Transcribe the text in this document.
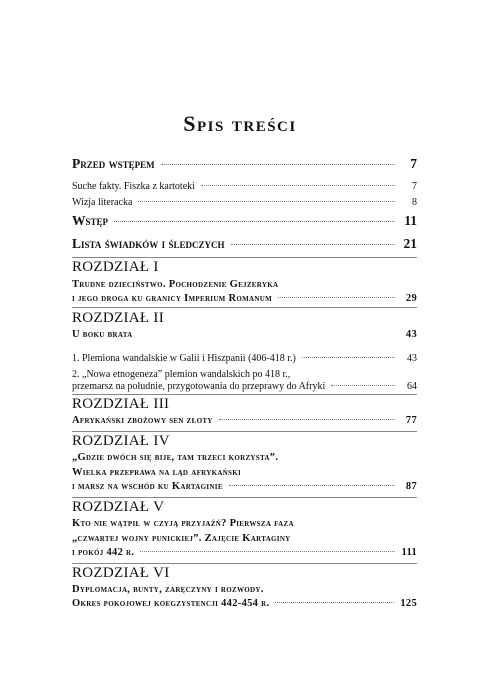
Spis treści
Przed wstępem	7
Suche fakty. Fiszka z kartoteki	7
Wizja literacka	8
Wstęp	11
Lista świadków i śledczych	21
ROZDZIAŁ I
Trudne dzieciństwo. Pochodzenie Gejzeryka
i jego droga ku granicy Imperium Romanum	29
ROZDZIAŁ II
U boku brata	43
1. Plemiona wandalskie w Galii i Hiszpanii (406-418 r.)	43
2. „Nowa etnogeneza” plemion wandalskich po 418 r.,
przemarsz na południe, przygotowania do przeprawy do Afryki	64
ROZDZIAŁ III
Afrykański zbożowy sen złoty	77
ROZDZIAŁ IV
„Gdzie dwóch się bije, tam trzeci korzysta”.
Wielka przeprawa na ląd afrykański
i marsz na wschód ku Kartaginie	87
ROZDZIAŁ V
Kto nie wątpił w czyją przyjaźń? Pierwsza faza
„czwartej wojny punickiej”. Zajęcie Kartaginy
i pokój 442 r.	111
ROZDZIAŁ VI
Dyplomacja, bunty, zaręczyny i rozwody.
Okres pokojowej koegzystencji 442-454 r.	125
